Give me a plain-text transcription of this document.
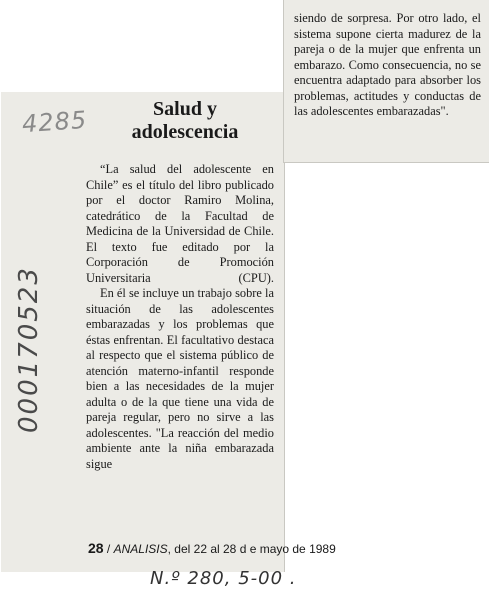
4285	Salud y
adolescencia

“La salud del adolescente en Chile” es el título del libro publicado por el doctor Ramiro Molina, catedrático de la Facultad de Medicina de la Universidad de Chile. El texto fue editado por la Corporación de Promoción Universitaria (CPU).

En él se incluye un trabajo sobre la situación de las adolescentes embarazadas y los problemas que éstas enfrentan. El facultativo destaca al respecto que el sistema público de atención materno-infantil responde bien a las necesidades de la mujer adulta o de la que tiene una vida de pareja regular, pero no sirve a las adolescentes. "La reacción del medio ambiente ante la niña embarazada sigue

siendo de sorpresa. Por otro lado, el sistema supone cierta madurez de la pareja o de la mujer que enfrenta un embarazo. Como consecuencia, no se encuentra adaptado para absorber los problemas, actitudes y conductas de las adolescentes embarazadas".

000170523
28 / ANALISIS, del 22 al 28 d e mayo de 1989
N.º 280, 5-00 .
